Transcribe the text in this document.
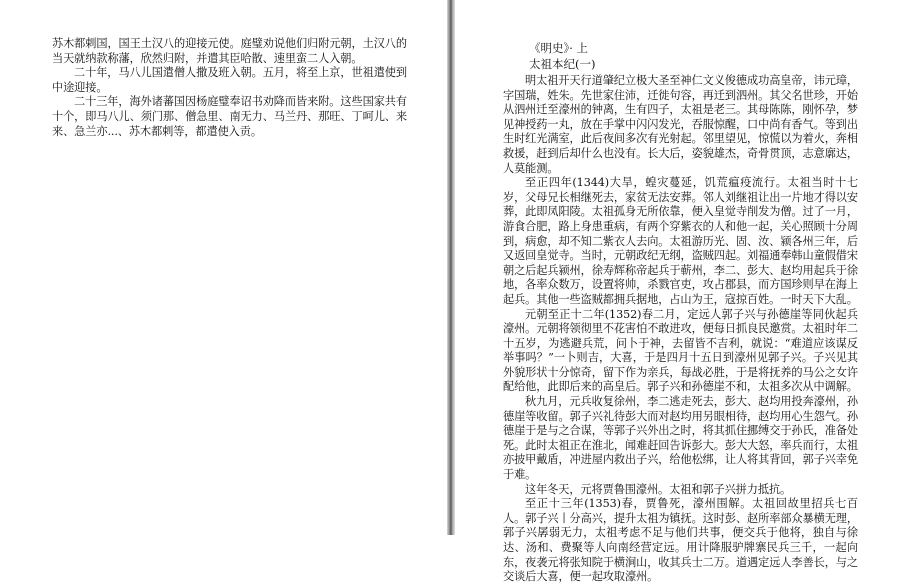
苏木都剌国，国王土汉八的迎接元使。庭璧劝说他们归附元朝，土汉八的当天就纳款称藩，欣然归附，并遣其臣哈散、速里蛮二人入朝。

二十年，马八儿国遣僧人撒及班入朝。五月，将至上京，世祖遣使到中途迎接。

二十三年，海外诸蕃国因杨庭璧奉诏书劝降而皆来附。这些国家共有十个，即马八儿、须门那、僧急里、南无力、马兰丹、那旺、丁呵儿、来来、急兰亦...、苏木都剌等，都遣使入贡。

《明史》· 上
太祖本纪(一)

明太祖开天行道肇纪立极大圣至神仁文义俊德成功高皇帝，讳元璋，字国瑞，姓朱。先世家住沛，迁徙句容，再迁到泗州。其父名世珍，开始从泗州迁至濠州的钟离，生有四子，太祖是老三。其母陈陈，刚怀孕，梦见神授药一丸，放在手掌中闪闪发光，吞服惊醒，口中尚有香气。等到出生时红光满室，此后夜间多次有光射起。邻里望见，惊慌以为着火，奔相救援，赶到后却什么也没有。长大后，姿貌雄杰，奇骨贯顶，志意廓达，人莫能测。

至正四年(1344)大旱，蝗灾蔓延，饥荒瘟疫流行。太祖当时十七岁，父母兄长相继死去，家贫无法安葬。邻人刘继祖让出一片地才得以安葬，此即凤阳陵。太祖孤身无所依靠，便入皇觉寺削发为僧。过了一月，游食合肥，路上身患重病，有两个穿紫衣的人和他一起，关心照顾十分周到，病愈，却不知二紫衣人去向。太祖游历光、固、汝、颍各州三年，后又返回皇觉寺。当时，元朝政纪无纲，盗贼四起。刘福通奉韩山童假借宋朝之后起兵颍州，徐寿辉称帝起兵于蕲州，李二、彭大、赵均用起兵于徐地，各率众数万，设置将帅，杀戮官吏，攻占郡县，而方国珍则早在海上起兵。其他一些盗贼都拥兵据地，占山为王，寇掠百姓。一时天下大乱。

元朝至正十二年(1352)春二月，定远人郭子兴与孙德崖等同伙起兵濠州。元朝将领彻里不花害怕不敢进攻，便每日抓良民邀赏。太祖时年二十五岁，为逃避兵荒，问卜于神，去留皆不吉利，就说：“难道应该谋反举事吗？”一卜则吉，大喜，于是四月十五日到濠州见郭子兴。子兴见其外貌形状十分惊奇，留下作为亲兵，每战必胜，于是将抚养的马公之女许配给他，此即后来的高皇后。郭子兴和孙德崖不和，太祖多次从中调解。

秋九月，元兵收复徐州，李二逃走死去，彭大、赵均用投奔濠州，孙德崖等收留。郭子兴礼待彭大而对赵均用另眼相待，赵均用心生怨气。孙德崖于是与之合谋，等郭子兴外出之时，将其抓住挪缚交于孙氏，准备处死。此时太祖正在淮北，闻难赶回告诉彭大。彭大大怒，率兵而行，太祖亦披甲戴盾，冲进屋内救出子兴，给他松绑，让人将其背回，郭子兴幸免于难。

这年冬天，元将贾鲁围濠州。太祖和郭子兴拼力抵抗。

至正十三年(1353)春，贾鲁死，濠州围解。太祖回故里招兵七百人。郭子兴丨分高兴，提升太祖为镇抚。这时彭、赵所率部众暴横无理，郭子兴孱弱无力，太祖考虑不足与他们共事，便交兵于他将，独自与徐达、汤和、费聚等人向南经营定远。用计降服驴牌寨民兵三千，一起向东，夜袭元将张知院于横涧山，收其兵士二万。道遇定远人李善长，与之交谈后大喜，便一起攻取濠州。
